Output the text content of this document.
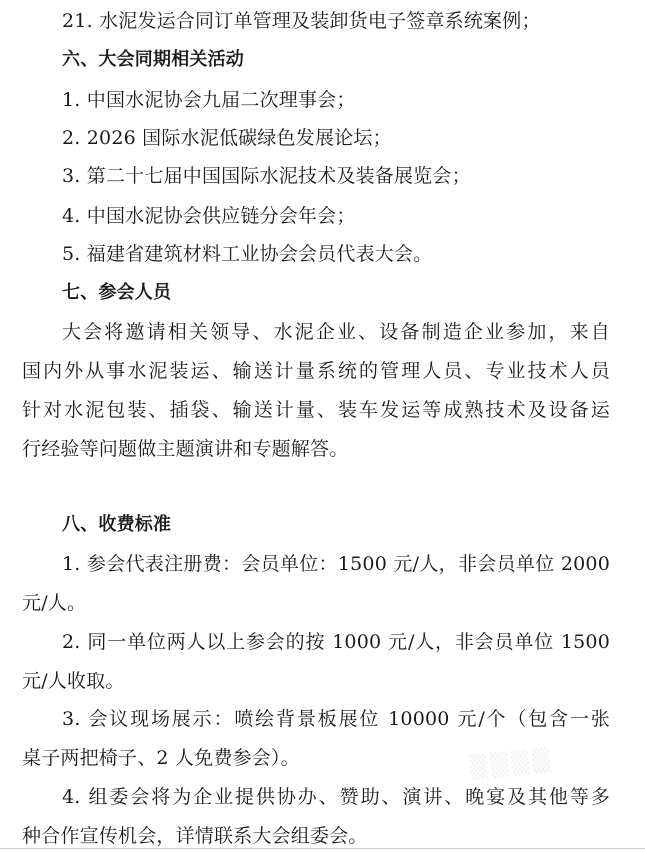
21. 水泥发运合同订单管理及装卸货电子签章系统案例；
六、大会同期相关活动
1. 中国水泥协会九届二次理事会；
2. 2026 国际水泥低碳绿色发展论坛；
3. 第二十七届中国国际水泥技术及装备展览会；
4. 中国水泥协会供应链分会年会；
5. 福建省建筑材料工业协会会员代表大会。
七、参会人员
大会将邀请相关领导、水泥企业、设备制造企业参加，来自
国内外从事水泥装运、输送计量系统的管理人员、专业技术人员
针对水泥包装、插袋、输送计量、装车发运等成熟技术及设备运
行经验等问题做主题演讲和专题解答。
八、收费标准
1. 参会代表注册费：会员单位：1500 元/人，非会员单位 2000
元/人。
2. 同一单位两人以上参会的按 1000 元/人，非会员单位 1500
元/人收取。
3. 会议现场展示：喷绘背景板展位 10000 元/个（包含一张
桌子两把椅子、2 人免费参会）。
4. 组委会将为企业提供协办、赞助、演讲、晚宴及其他等多
种合作宣传机会，详情联系大会组委会。
▒▒▒▒
